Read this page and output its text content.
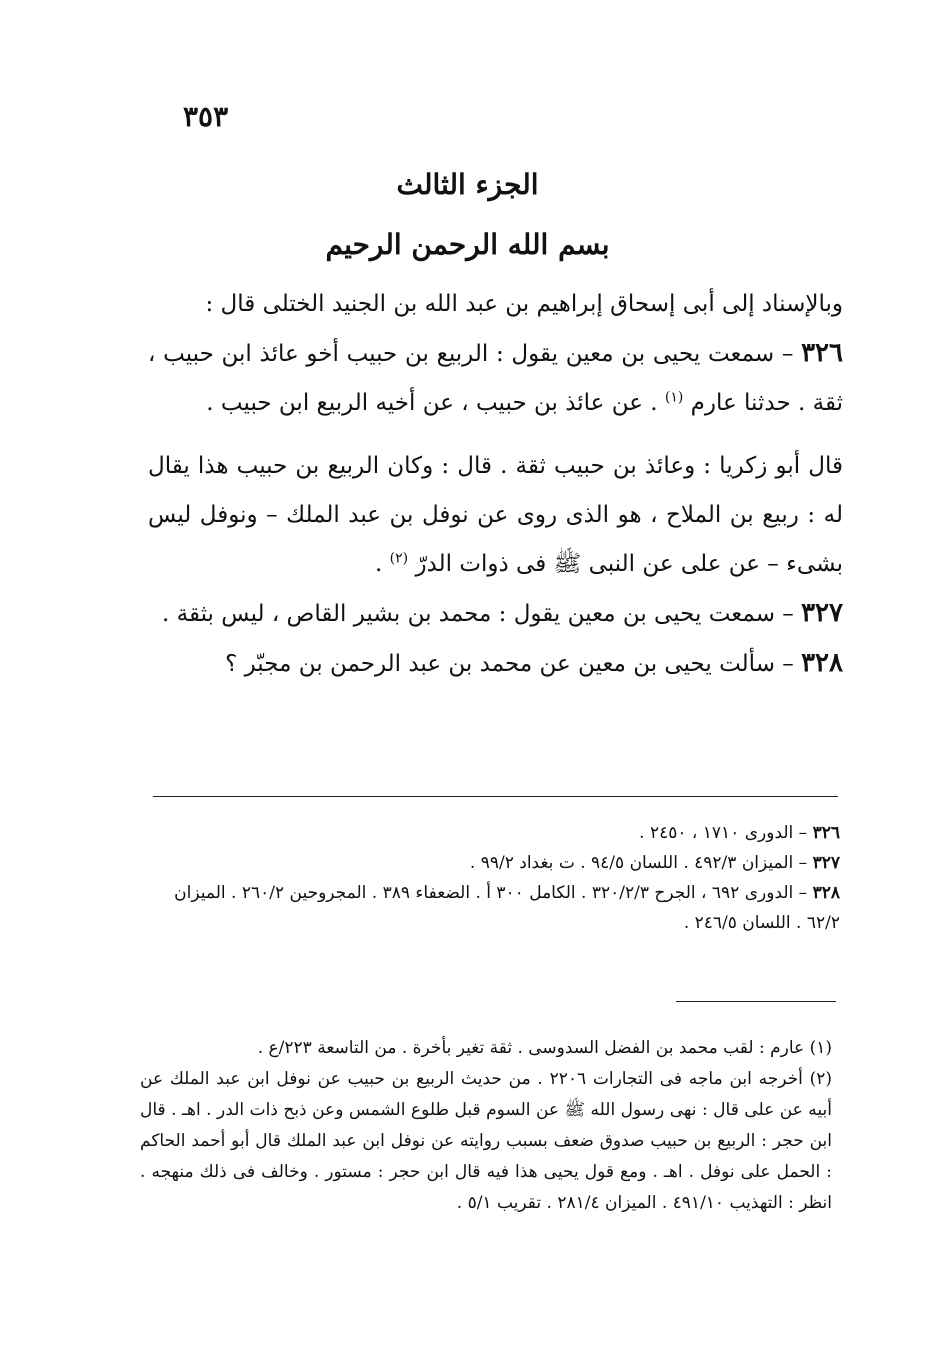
٣٥٣
الجزء الثالث
بسم الله الرحمن الرحيم

وبالإسناد إلى أبى إسحاق إبراهيم بن عبد الله بن الجنيد الختلى قال :

٣٢٦ – سمعت يحيى بن معين يقول : الربيع بن حبيب أخو عائذ ابن حبيب ، ثقة . حدثنا عارم $^{(١)}$ . عن عائذ بن حبيب ، عن أخيه الربيع ابن حبيب .

قال أبو زكريا : وعائذ بن حبيب ثقة . قال : وكان الربيع بن حبيب هذا يقال له : ربيع بن الملاح ، هو الذى روى عن نوفل بن عبد الملك – ونوفل ليس بشىء – عن على عن النبى ﷺ فى ذوات الدرّ $^{(٢)}$ .

٣٢٧ – سمعت يحيى بن معين يقول : محمد بن بشير القاص ، ليس بثقة .

٣٢٨ – سألت يحيى بن معين عن محمد بن عبد الرحمن بن مجبّر ؟

٣٢٦ – الدورى ١٧١٠ ، ٢٤٥٠ .

٣٢٧ – الميزان ٤٩٢/٣ . اللسان ٩٤/٥ . ت بغداد ٩٩/٢ .

٣٢٨ – الدورى ٦٩٢ ، الجرح ٣٢٠/٢/٣ . الكامل ٣٠٠ أ . الضعفاء ٣٨٩ . المجروحين ٢٦٠/٢ . الميزان ٦٢/٢ . اللسان ٢٤٦/٥ .

(١) عارم : لقب محمد بن الفضل السدوسى . ثقة تغير بأخرة . من التاسعة ٢٢٣/ع .

(٢) أخرجه ابن ماجه فى التجارات ٢٢٠٦ . من حديث الربيع بن حبيب عن نوفل ابن عبد الملك عن أبيه عن على قال : نهى رسول الله ﷺ عن السوم قبل طلوع الشمس وعن ذبح ذات الدر . اهـ . قال ابن حجر : الربيع بن حبيب صدوق ضعف بسبب روايته عن نوفل ابن عبد الملك قال أبو أحمد الحاكم : الحمل على نوفل . اهـ . ومع قول يحيى هذا فيه قال ابن حجر : مستور . وخالف فى ذلك منهجه . انظر : التهذيب ٤٩١/١٠ . الميزان ٢٨١/٤ . تقريب ٥/١ .
